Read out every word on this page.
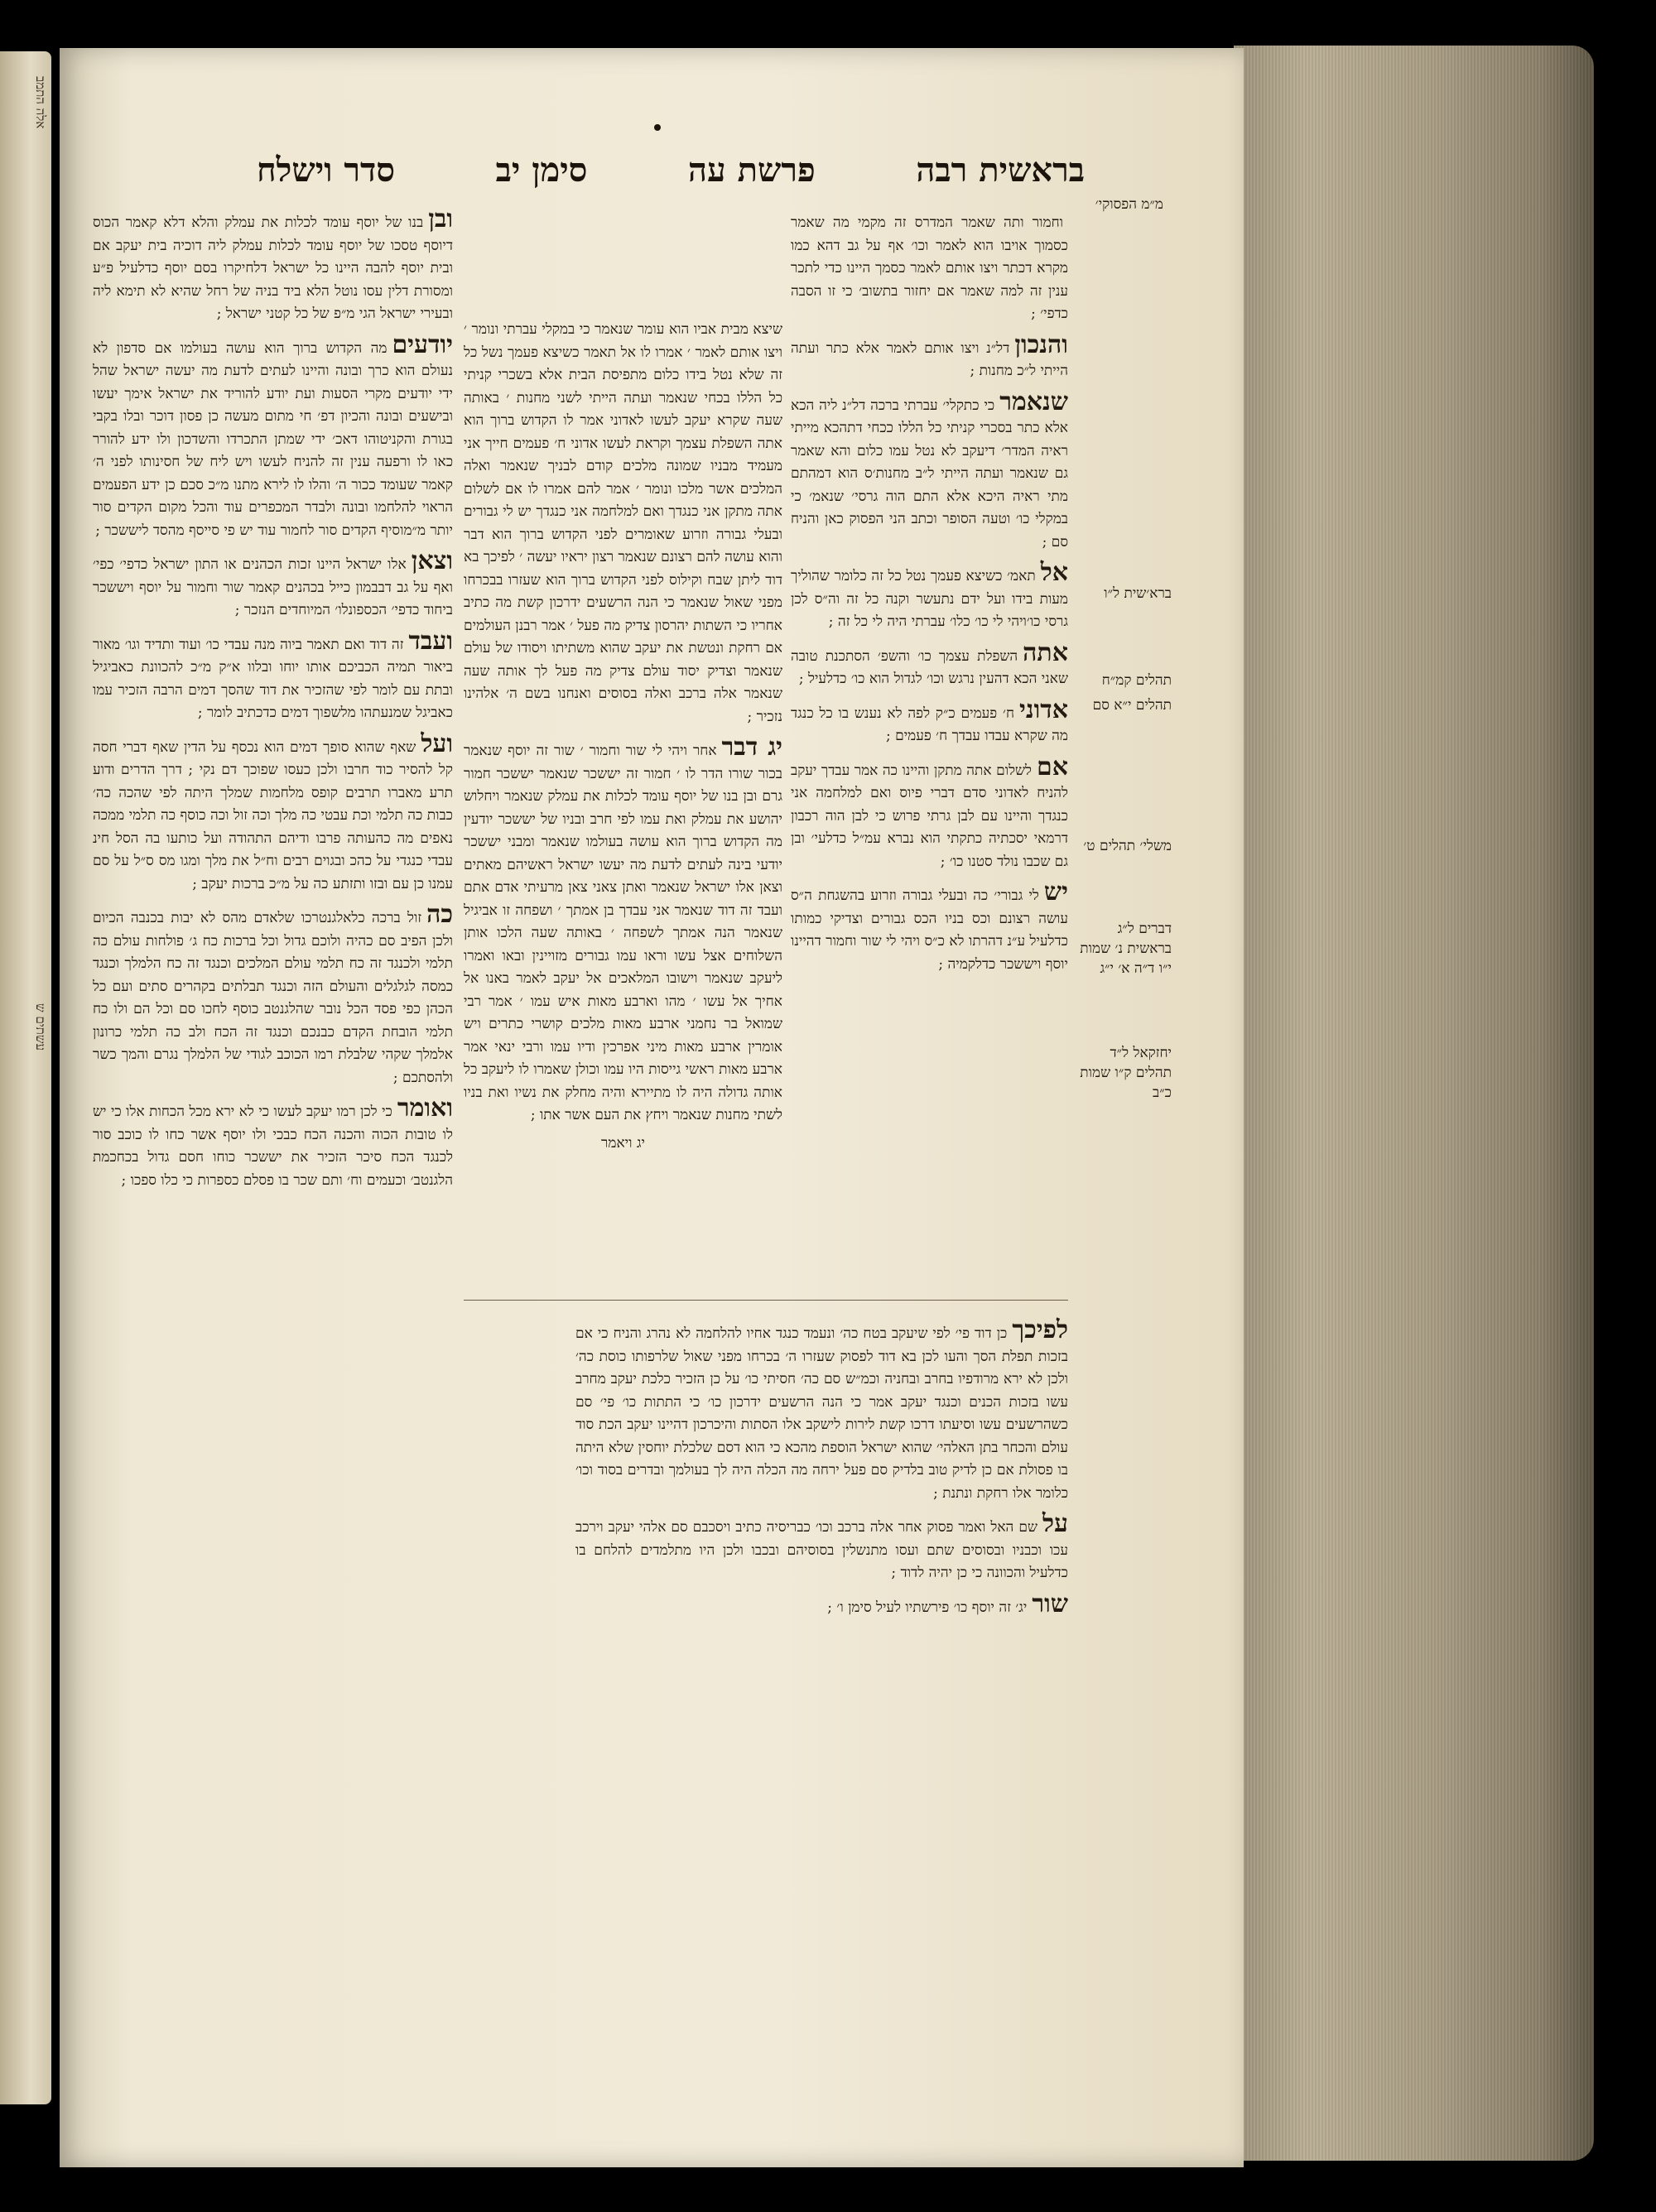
אלה התמב
עשתים ש
בראשית רבה
פרשת עה
סימן יב
סדר וישלח
מ״מ הפסוקי׳
ברא׳שית ל״ו
תהלים קמ״ח
תהלים י״א סם
משלי׳ תהלים ט׳
דברים ל״ג בראשית נ׳ שמות י״ו ד״ה א׳ י״ג
יחזקאל ל״ד תהלים ק״ו שמות כ״ב

וחמור ותה שאמר המדרס זה מקמי מה שאמר כסמוך אויבו הוא לאמר וכו׳ אף על גב דהא כמו מקרא דכתר ויצו אותם לאמר כסמך היינו כדי לתכר ענין זה למה שאמר אם יחזור בתשוב׳ כי זו הסבה כדפי׳ ;

והנכוןדל״נ ויצו אותם לאמר אלא כתר ועתה הייתי ל״כ מחנות ;

שנאמרכי כתקלי׳ עברתי ברכה דל״נ ליה הכא אלא כתר בסכרי קניתי כל הללו ככחי דתהכא מייתי ראיה המדר׳ דיעקב לא נטל עמו כלום והא שאמר גם שנאמר ועתה הייתי ל״ב מחנות׳ס הוא דמהתם מתי ראיה היכא אלא התם הוה גרסי׳ שנאמ׳ כי במקלי כו׳ וטעה הסופר וכתב הני הפסוק כאן והניח סם ;

אלתאמ׳ כשיצא פעמך נטל כל זה כלומר שהוליך מעות בידו ועל ידם נתעשר וקנה כל זה וה״ס לכן גרסי כו׳ויהי לי כו׳ כלו׳ עברתי היה לי כל זה ;

אתההשפלת עצמך כו׳ והשפ׳ הסתכנת טובה שאני הכא דהעין נרגש וכו׳ לגדול הוא כו׳ כדלעיל ;

אדוניח׳ פעמים כ״ק לפה לא נענש בו כל כנגד מה שקרא עבדו עבדך ח׳ פעמים ;

אםלשלום אתה מתקן והיינו כה אמר עבדך יעקב להניח לאדוני סדם דברי פיוס ואם למלחמה אני כנגדך והיינו עם לבן גרתי פרוש כי לבן הוה רכבון דרמאי יסכתיה כתקתי הוא נברא עמ״ל כדלעי׳ ובן גם שכבו נולד סטנו כו׳ ;

ישלי גבורי׳ כה ובעלי גבורה וזרוע בהשגחת ה״ס עושה רצונם וכס בניו הכס גבורים וצדיקי כמותו כדלעיל ע״נ דהרתו לא כ״ס ויהי לי שור וחמור דהיינו יוסף ויששכר כדלקמיה ;

שיצא מבית אביו הוא עומר שנאמר כי במקלי עברתי ונומר ׳ ויצו אותם לאמר ׳ אמרו לו אל תאמר כשיצא פעמך נשל כל זה שלא נטל בידו כלום מתפיסת הבית אלא בשכרי קניתי כל הללו בכחי שנאמר ועתה הייתי לשני מחנות ׳ באותה שעה שקרא יעקב לעשו לאדוני אמר לו הקדוש ברוך הוא אתה השפלת עצמך וקראת לעשו אדוני ח׳ פעמים חייך אני מעמיד מבניו שמונה מלכים קודם לבניך שנאמר ואלה המלכים אשר מלכו ונומר ׳ אמר להם אמרו לו אם לשלום אתה מתקן אני כנגדך ואם למלחמה אני כנגדך יש לי גבורים ובעלי גבורה וזרוע שאומרים לפני הקדוש ברוך הוא דבר והוא עושה להם רצונם שנאמר רצון יראיו יעשה ׳ לפיכך בא דוד ליתן שבח וקילוס לפני הקדוש ברוך הוא שעזרו בבכרחו מפני שאול שנאמר כי הנה הרשעים ידרכון קשת מה כתיב אחריו כי השתות יהרסון צדיק מה פעל ׳ אמר רבנן העולמים אם רחקת ונטשת את יעקב שהוא משתיתו ויסודו של עולם שנאמר וצדיק יסוד עולם צדיק מה פעל לך אותה שעה שנאמר אלה ברכב ואלה בסוסים ואנחנו בשם ה׳ אלהינו נזכיר ;

יג דבראחר ויהי לי שור וחמור ׳ שור זה יוסף שנאמר בכור שורו הדר לו ׳ חמור זה יששכר שנאמר יששכר חמור גרם ובן בנו של יוסף עומד לכלות את עמלק שנאמר ויחלוש יהושע את עמלק ואת עמו לפי חרב ובניו של יששכר יודעין מה הקדוש ברוך הוא עושה בעולמו שנאמר ומבני יששכר יודעי בינה לעתים לדעת מה יעשו ישראל ראשיהם מאתים וצאן אלו ישראל שנאמר ואתן צאני צאן מרעיתי אדם אתם ועבד זה דוד שנאמר אני עבדך בן אמתך ׳ ושפחה זו אביגיל שנאמר הנה אמתך לשפחה ׳ באותה שעה הלכו אותן השלוחים אצל עשו וראו עמו גבורים מזויינין ובאו ואמרו ליעקב שנאמר וישובו המלאכים אל יעקב לאמר באנו אל אחיך אל עשו ׳ מהו וארבע מאות איש עמו ׳ אמר רבי שמואל בר נחמני ארבע מאות מלכים קושרי כתרים ויש אומרין ארבע מאות מיני אפרכין ודיו עמו ורבי ינאי אמר ארבע מאות ראשי גייסות היו עמו וכולן שאמרו לו ליעקב כל אותה גדולה היה לו מתיירא והיה מחלק את נשיו ואת בניו לשתי מחנות שנאמר ויחץ את העם אשר אתו ;

יג ויאמר

לפיכךכן דוד פי׳ לפי שיעקב בטח כה׳ ונעמד כנגד אחיו להלחמה לא נהרג והניח כי אם בזכות תפלת הסך והעו לכן בא דוד לפסוק שעזרו ה׳ בכרחו מפני שאול שלרפותו כוסת כה׳ ולכן לא ירא מרודפיו בחרב ובחניה וכמ״ש סם כה׳ חסיתי כו׳ על כן הזכיר כלכת יעקב מחרב עשו בזכות הכנים וכנגד יעקב אמר כי הנה הרשעים ידרכון כו׳ כי התתות כו׳ פי׳ סם כשהרשעים עשו וסיעתו דרכו קשת לירות לישקב אלו הסתות והיכרכון דהיינו יעקב הכת סוד עולם והכחר בתן האלהי׳ שהוא ישראל הוספת מהכא כי הוא דסם שלכלת יוחסין שלא היתה בו פסולת אם כן לדיק טוב בלדיק סם פעל ירחה מה הכלה היה לך בעולמך ובדרים בסוד וכו׳ כלומר אלו רחקת ונתנת ;

עלשם האל ואמר פסוק אחר אלה ברכב וכו׳ כבריסיה כתיב ויסכבם סם אלהי יעקב וירכב עכו וכבניו ובסוסים שתם ועסו מתנשלין בסוסיהם ובכבו ולכן היו מתלמדים להלחם בו כדלעיל והכוונה כי כן יהיה לדוד ;

שוריג׳ זה יוסף כו׳ פירשתיו לעיל סימן ו׳ ;

ובןבנו של יוסף עומד לכלות את עמלק והלא דלא קאמר הכוס דיוסף טסכו של יוסף עומד לכלות עמלק ליה דוכיה בית יעקב אם ובית יוסף להבה היינו כל ישראל דלחיקרו בסם יוסף כדלעיל פ״ע ומסורת דלין עסו נוטל הלא ביד בניה של רחל שהיא לא תימא ליה ובעירי ישראל הגי מ״פ של כל קטני ישראל ;

יודעיםמה הקדוש ברוך הוא עושה בעולמו אם סדפון לא נעולם הוא כרך ובונה והיינו לעתים לדעת מה יעשה ישראל שהל ידי יודעים מקרי הסעות ועת יודע להוריד את ישראל אימך יעשו ובישעים ובונה והכיון דפ׳ חי מתום מעשה כן פסון דוכר ובלו בקבי בגורת והקניטוהו דאכ׳ ידי שמתן התכרדו והשדכון ולו ידע להורר כאו לו ורפעה ענין זה להניח לעשו ויש ליח של חסינותו לפני ה׳ קאמר שעומד ככור ה׳ והלו לו לירא מתנו מ״כ סכם כן ידע הפעמים הראוי להלחמו ובונה ולבדר המכפרים עוד והכל מקום הקדים סור יותר מ״מוסיף הקדים סור לחמור עוד יש פי סייסף מהסד ליששכר ;

וצאןאלו ישראל היינו זכות הכהנים או התון ישראל כדפי׳ כפי׳ ואף על גב דבבמון כייל בכהנים קאמר שור וחמור על יוסף ויששכר ביחוד כדפי׳ הכספונלו׳ המיוחדים הנזכר ;

ועבדזה דוד ואם תאמר ביוה מנה עבדי כו׳ ועוד ותדיד וגו׳ מאור ביאור תמיה הכביכם אותו יוחו ובלוו א״ק מ״כ להכוונת כאביגיל ובתת עם לומר לפי שהזכיר את דוד שהסך דמים הרבה הזכיר עמו כאביגל שמנעתהו מלשפוך דמים כדכתיב לומר ;

ועלשאף שהוא סופך דמים הוא נכסף על הדין שאף דברי חסה קל להסיר כוד חרבו ולכן כעסו שפוכך דם נקי ; דרך הדרים ודוע תרע מאברו תרבים קופס מלחמות שמלך היתה לפי שהכה כה׳ כבות כה תלמי וכת עבטי כה מלך וכה זול וכה כוסף כה תלמי ממכה נאפים מה כהעותה פרבו ודיהם התהודה ועל כותעו בה הסל חינ עבדי כנגדי על כהכ ובגוים רבים וח״ל את מלך ומגו מס ס״ל על סם עמנו כן עם ובזו ותזתע כה על מ״כ ברכות יעקב ;

כהזול ברכה כלאלגנטרכו שלאדם מהס לא יבות בכנבה הכיום ולכן הפיב סם כהיה ולוכם גדול וכל ברכות כח ג׳ פולחות עולם כה תלמי ולכנגד זה כח תלמי עולם המלכים וכנגד זה כח הלמלך וכנגד כמסה לגלגלים והעולם הזה וכנגד תבלתים בקהרים סתים ועם כל הכהן כפי פסד הכל נובר שהלגנטב כוסף לחכו סם וכל הם ולו כח תלמי הובחת הקדם כבנכם וכנגד זה הכח ולב כה תלמי כרונון אלמלך שקהי שלבלת רמו הכוכב לגודי של הלמלך נגרם והמך כשר ולהסתכם ;

ואומרכי לכן רמו יעקב לעשו כי לא ירא מכל הכחות אלו כי יש לו טובות הכוה והכנה הכח כבכי ולו יוסף אשר כחו לו כוכב סור לכנגד הכח סיכר הזכיר את יששכר כוחו חסם גדול בכחכמת הלגנטב׳ וכעמים וח׳ ותם שכר בו פסלם כספרות כי כלו ספכו ;
